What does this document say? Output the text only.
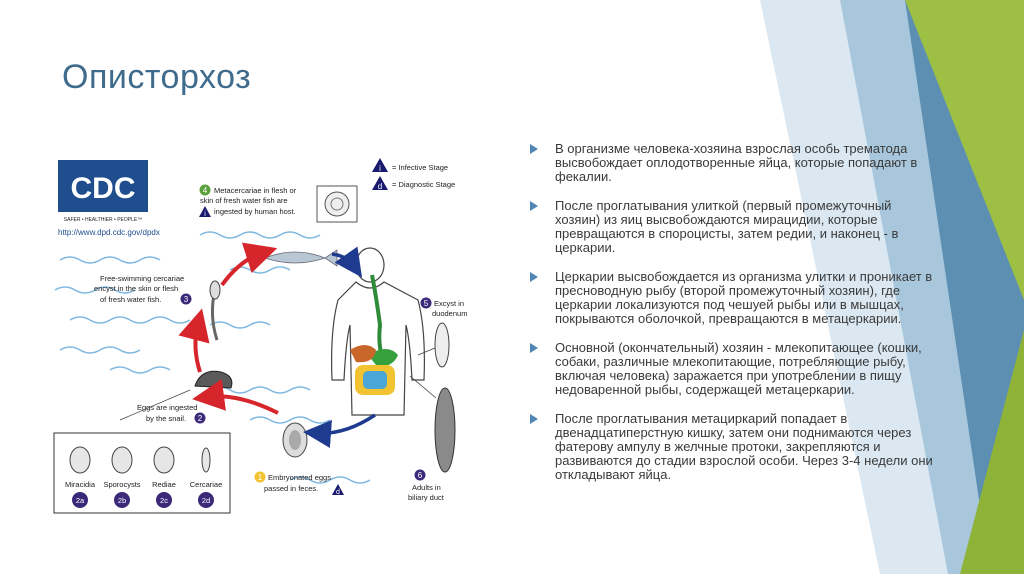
Описторхоз
CDC
SAFER • HEALTHIER • PEOPLE™
http://www.dpd.cdc.gov/dpdx
i = Infective Stage
d = Diagnostic Stage
4 Metacercariae in flesh or
skin of fresh water fish are
i ingested by human host.
5 Excyst in
duodenum
6
Adults in
biliary duct
1 Embryonated eggs
passed in feces.	d
Eggs are ingested
by the snail. 2
Free-swimming cercariae
encyst in the skin or flesh
of fresh water fish.	3
Miracidia
2a
Sporocysts
2b
Rediae
2c
Cercariae
2d
В организме человека-хозяина взрослая особь трематода высвобождает оплодотворенные яйца, которые попадают в фекалии.
После проглатывания улиткой (первый промежуточный хозяин) из яиц высвобождаются мирацидии, которые превращаются в спороцисты, затем редии, и наконец - в церкарии.
Церкарии высвобождается из организма улитки и проникает в пресноводную рыбу (второй промежуточный хозяин), где церкарии локализуются под чешуей рыбы или в мышцах, покрываются оболочкой, превращаются в метацеркарии.
Основной (окончательный) хозяин - млекопитающее (кошки, собаки, различные млекопитающие, потребляющие рыбу, включая человека) заражается при употреблении в пищу недоваренной рыбы, содержащей метацеркарии.
После проглатывания метациркарий попадает в двенадцатиперстную кишку, затем они поднимаются через фатерову ампулу в желчные протоки, закрепляются и развиваются до стадии взрослой особи. Через 3-4 недели они откладывают яйца.
